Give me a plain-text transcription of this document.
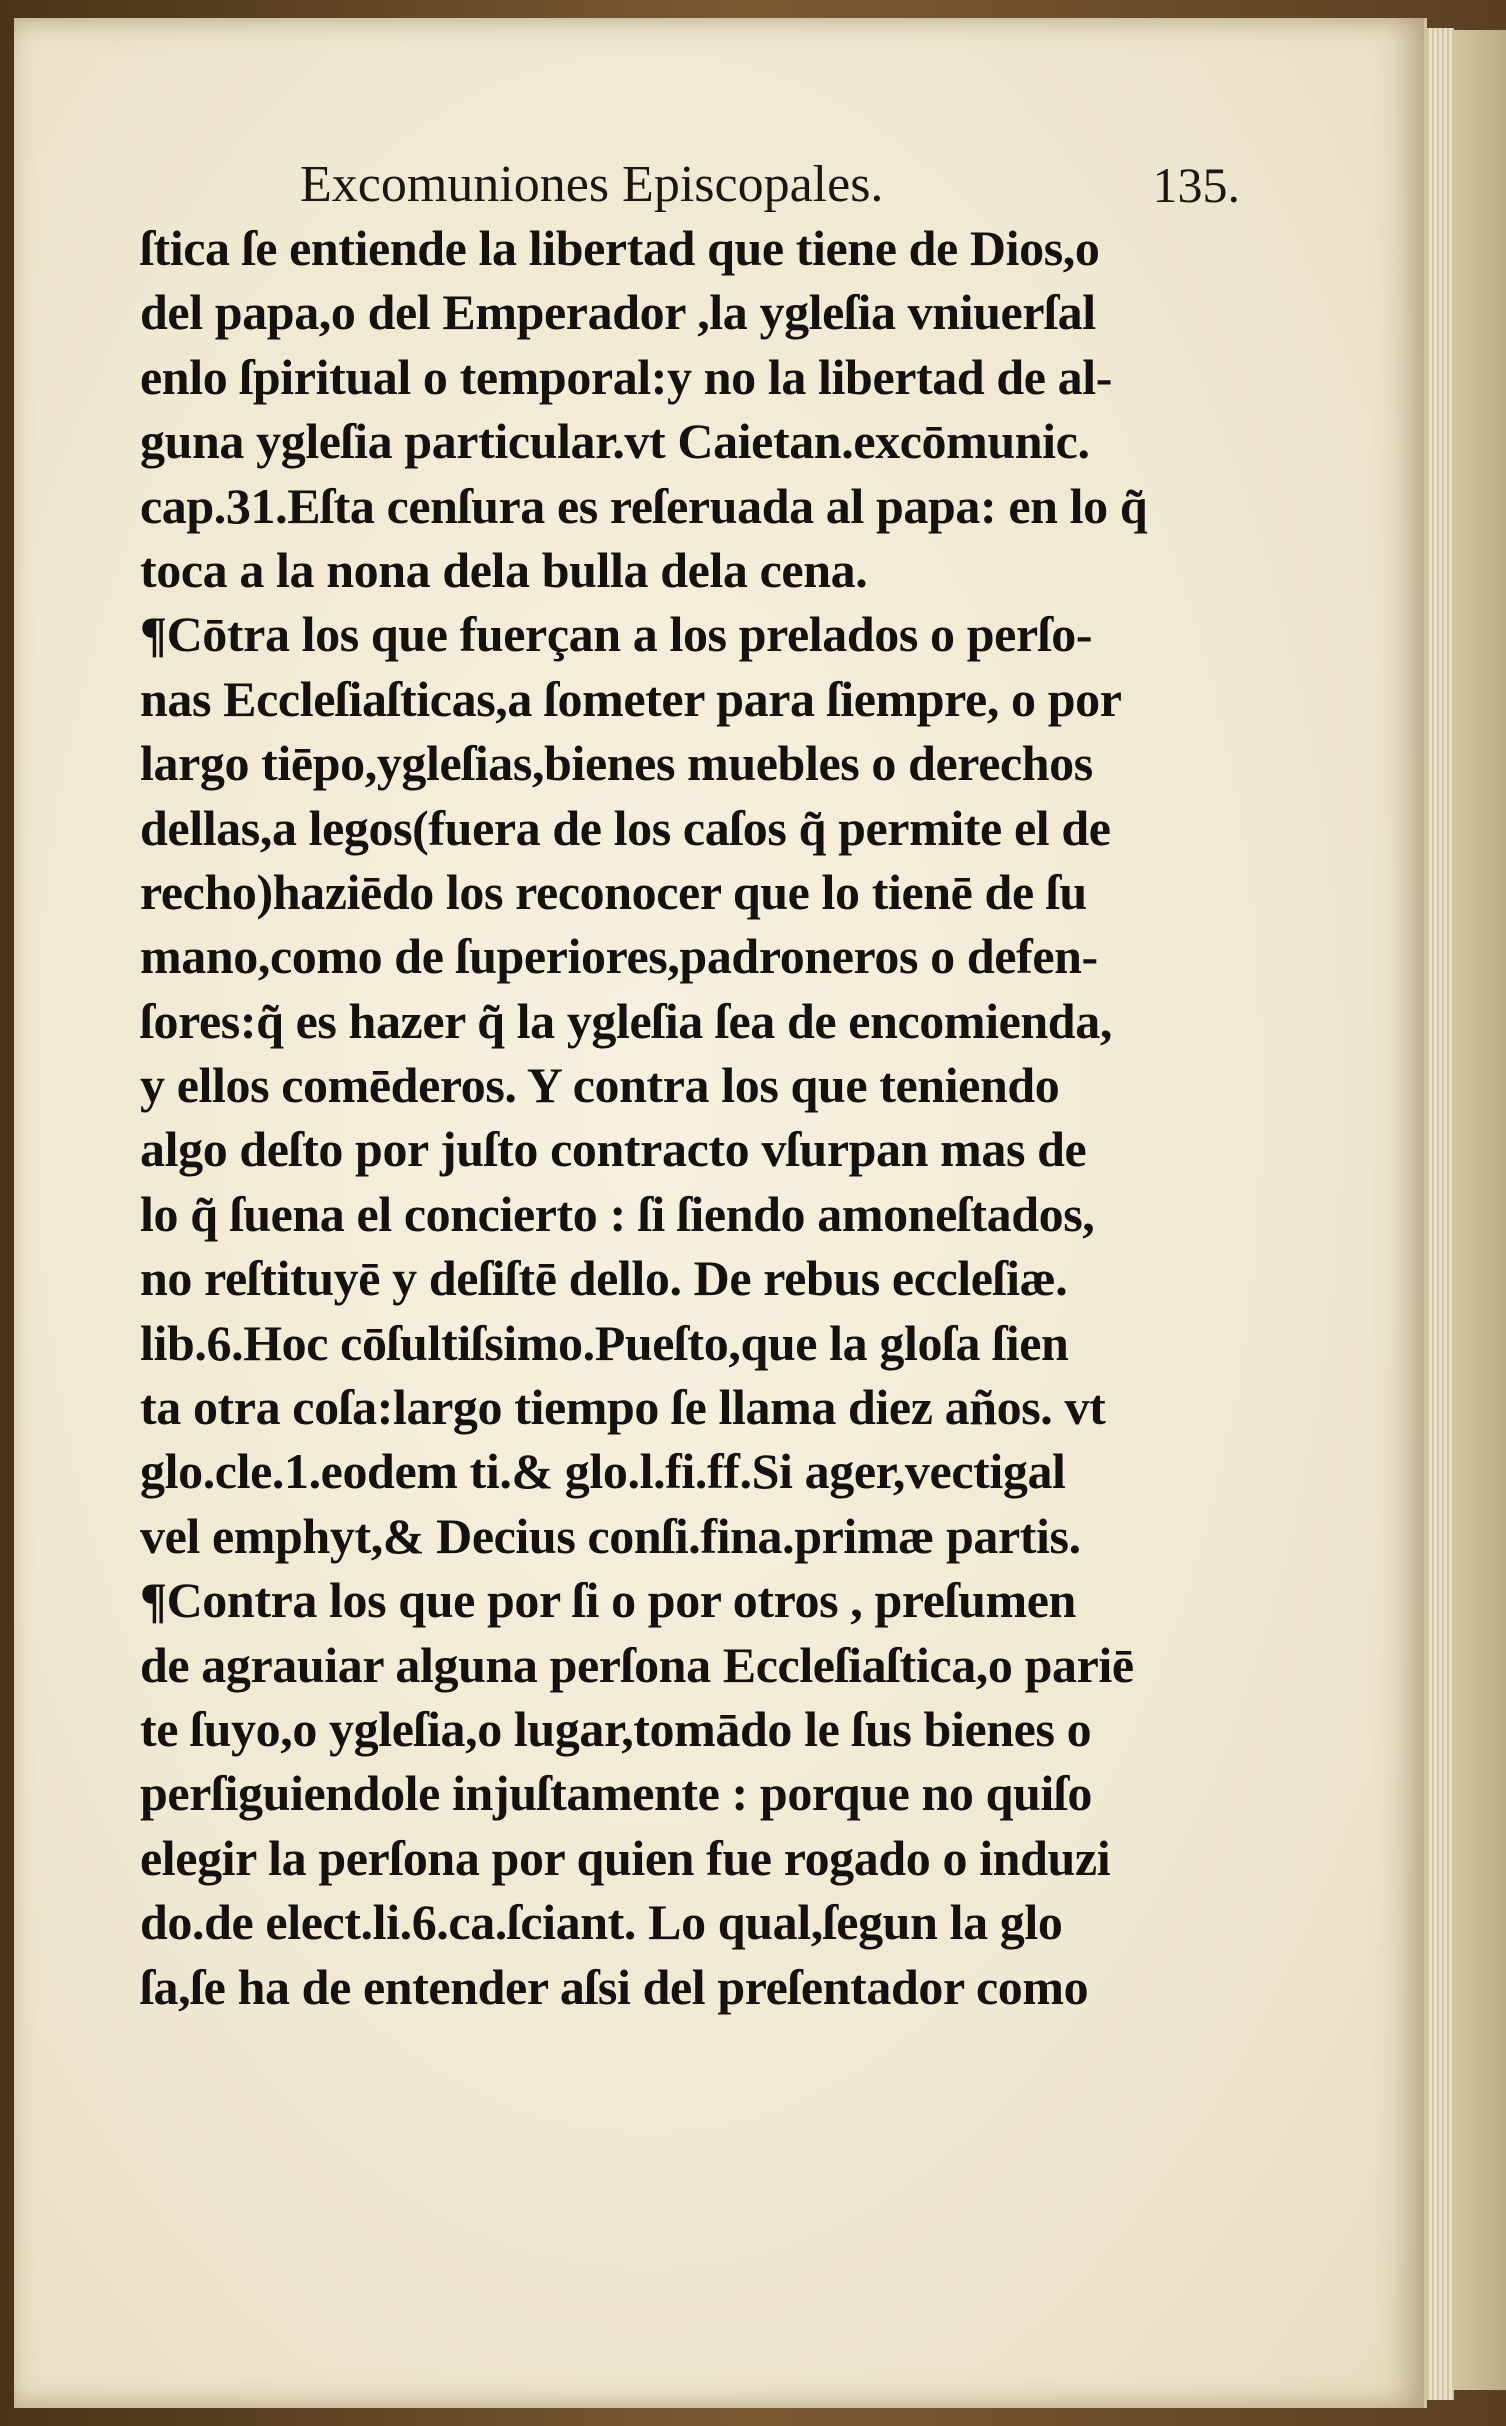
Excomuniones Episcopales.	135.
ſtica ſe entiende la libertad que tiene de Dios,o
del papa,o del Emperador ,la ygleſia vniuerſal
enlo ſpiritual o temporal:y no la libertad de al-
guna ygleſia particular.vt Caietan.excōmunic.
cap.31.Eſta cenſura es reſeruada al papa: en lo q̃
toca a la nona dela bulla dela cena.
¶Cōtra los que fuerçan a los prelados o perſo-
nas Eccleſiaſticas,a ſometer para ſiempre, o por
largo tiēpo,ygleſias,bienes muebles o derechos
dellas,a legos(fuera de los caſos q̃ permite el de
recho)haziēdo los reconocer que lo tienē de ſu
mano,como de ſuperiores,padroneros o defen-
ſores:q̃ es hazer q̃ la ygleſia ſea de encomienda,
y ellos comēderos. Y contra los que teniendo
algo deſto por juſto contracto vſurpan mas de
lo q̃ ſuena el concierto : ſi ſiendo amoneſtados,
no reſtituyē y deſiſtē dello. De rebus eccleſiæ.
lib.6.Hoc cōſultiſsimo.Pueſto,que la gloſa ſien
ta otra coſa:largo tiempo ſe llama diez años. vt
glo.cle.1.eodem ti.& glo.l.fi.ff.Si ager,vectigal
vel emphyt,& Decius conſi.fina.primæ partis.
¶Contra los que por ſi o por otros , preſumen
de agrauiar alguna perſona Eccleſiaſtica,o pariē
te ſuyo,o ygleſia,o lugar,tomādo le ſus bienes o
perſiguiendole injuſtamente : porque no quiſo
elegir la perſona por quien fue rogado o induzi
do.de elect.li.6.ca.ſciant. Lo qual,ſegun la glo
ſa,ſe ha de entender aſsi del preſentador como
